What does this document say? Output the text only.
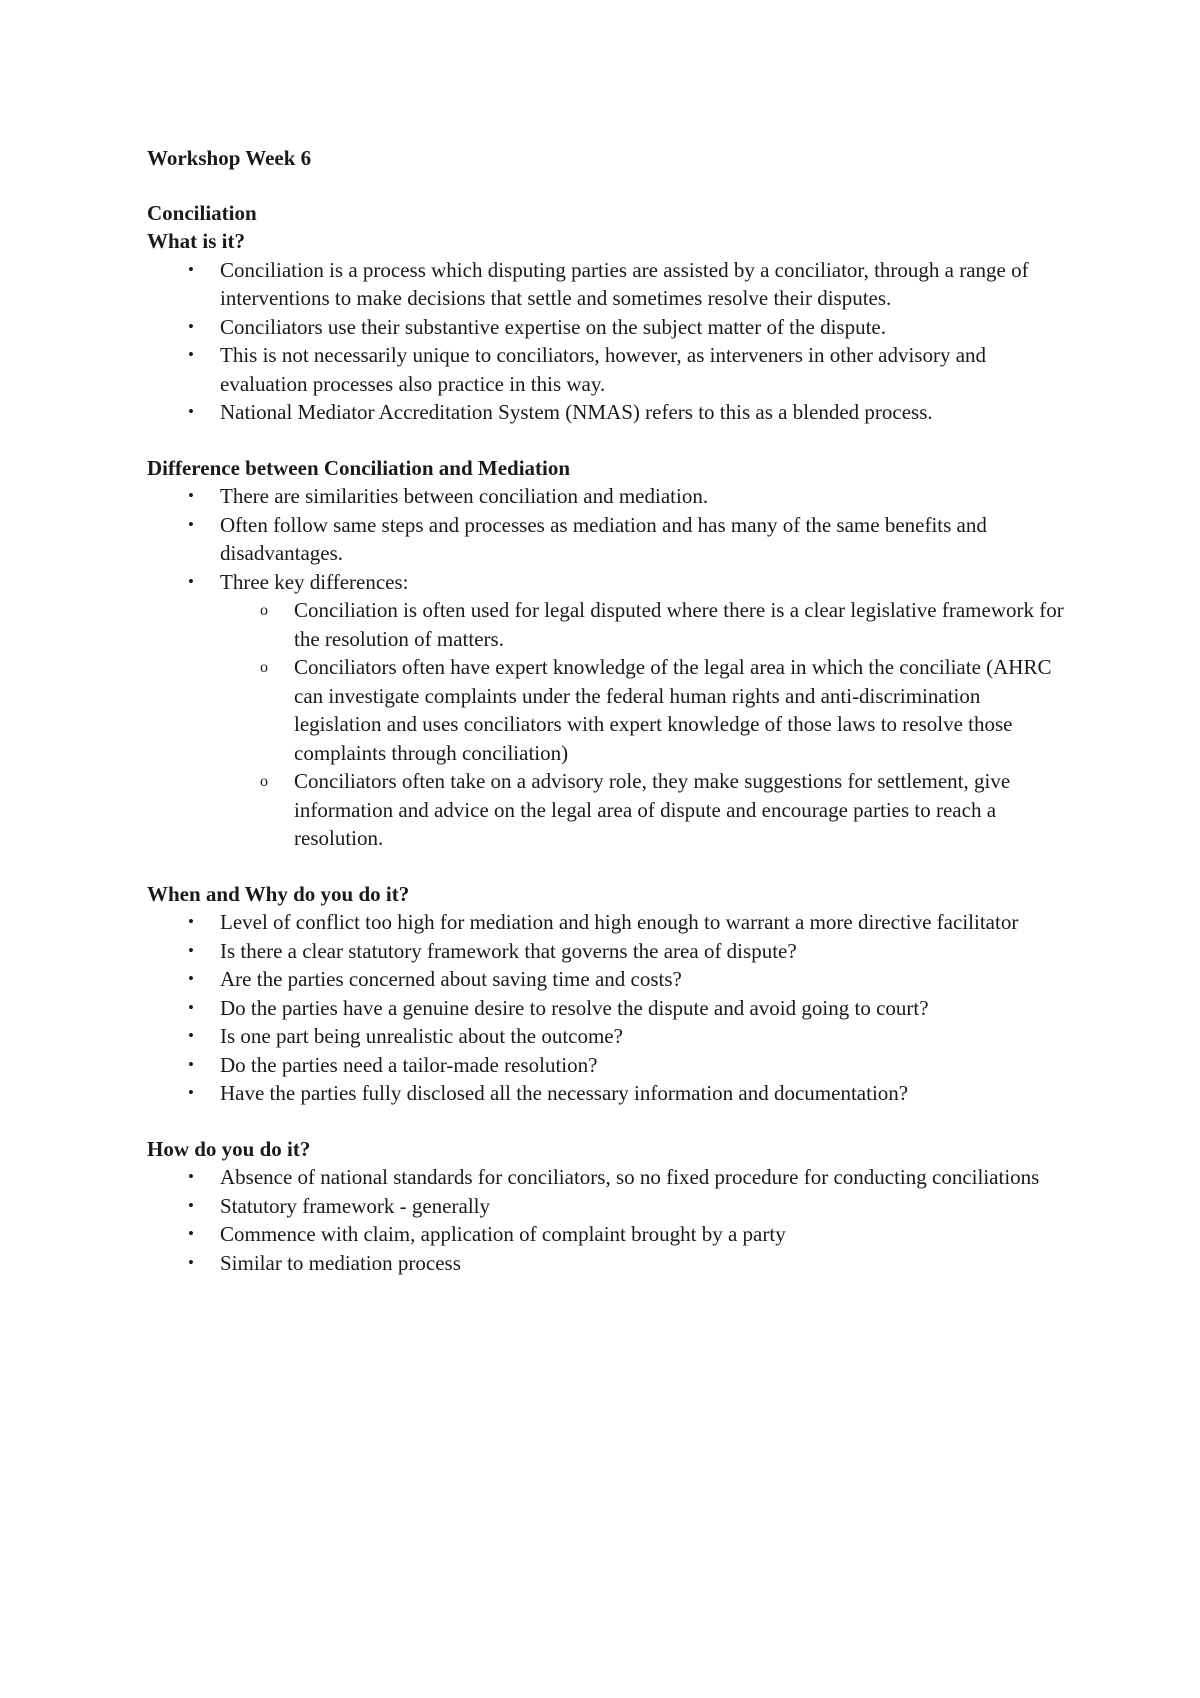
Workshop Week 6

Conciliation

What is it?

• Conciliation is a process which disputing parties are assisted by a conciliator, through a range of interventions to make decisions that settle and sometimes resolve their disputes.
• Conciliators use their substantive expertise on the subject matter of the dispute.
• This is not necessarily unique to conciliators, however, as interveners in other advisory and evaluation processes also practice in this way.
• National Mediator Accreditation System (NMAS) refers to this as a blended process.

Difference between Conciliation and Mediation

• There are similarities between conciliation and mediation.
• Often follow same steps and processes as mediation and has many of the same benefits and disadvantages.
• Three key differences:
o Conciliation is often used for legal disputed where there is a clear legislative framework for the resolution of matters.
o Conciliators often have expert knowledge of the legal area in which the conciliate (AHRC can investigate complaints under the federal human rights and anti-discrimination legislation and uses conciliators with expert knowledge of those laws to resolve those complaints through conciliation)
o Conciliators often take on a advisory role, they make suggestions for settlement, give information and advice on the legal area of dispute and encourage parties to reach a resolution.

When and Why do you do it?

• Level of conflict too high for mediation and high enough to warrant a more directive facilitator
• Is there a clear statutory framework that governs the area of dispute?
• Are the parties concerned about saving time and costs?
• Do the parties have a genuine desire to resolve the dispute and avoid going to court?
• Is one part being unrealistic about the outcome?
• Do the parties need a tailor-made resolution?
• Have the parties fully disclosed all the necessary information and documentation?

How do you do it?

• Absence of national standards for conciliators, so no fixed procedure for conducting conciliations
• Statutory framework - generally
• Commence with claim, application of complaint brought by a party
• Similar to mediation process
